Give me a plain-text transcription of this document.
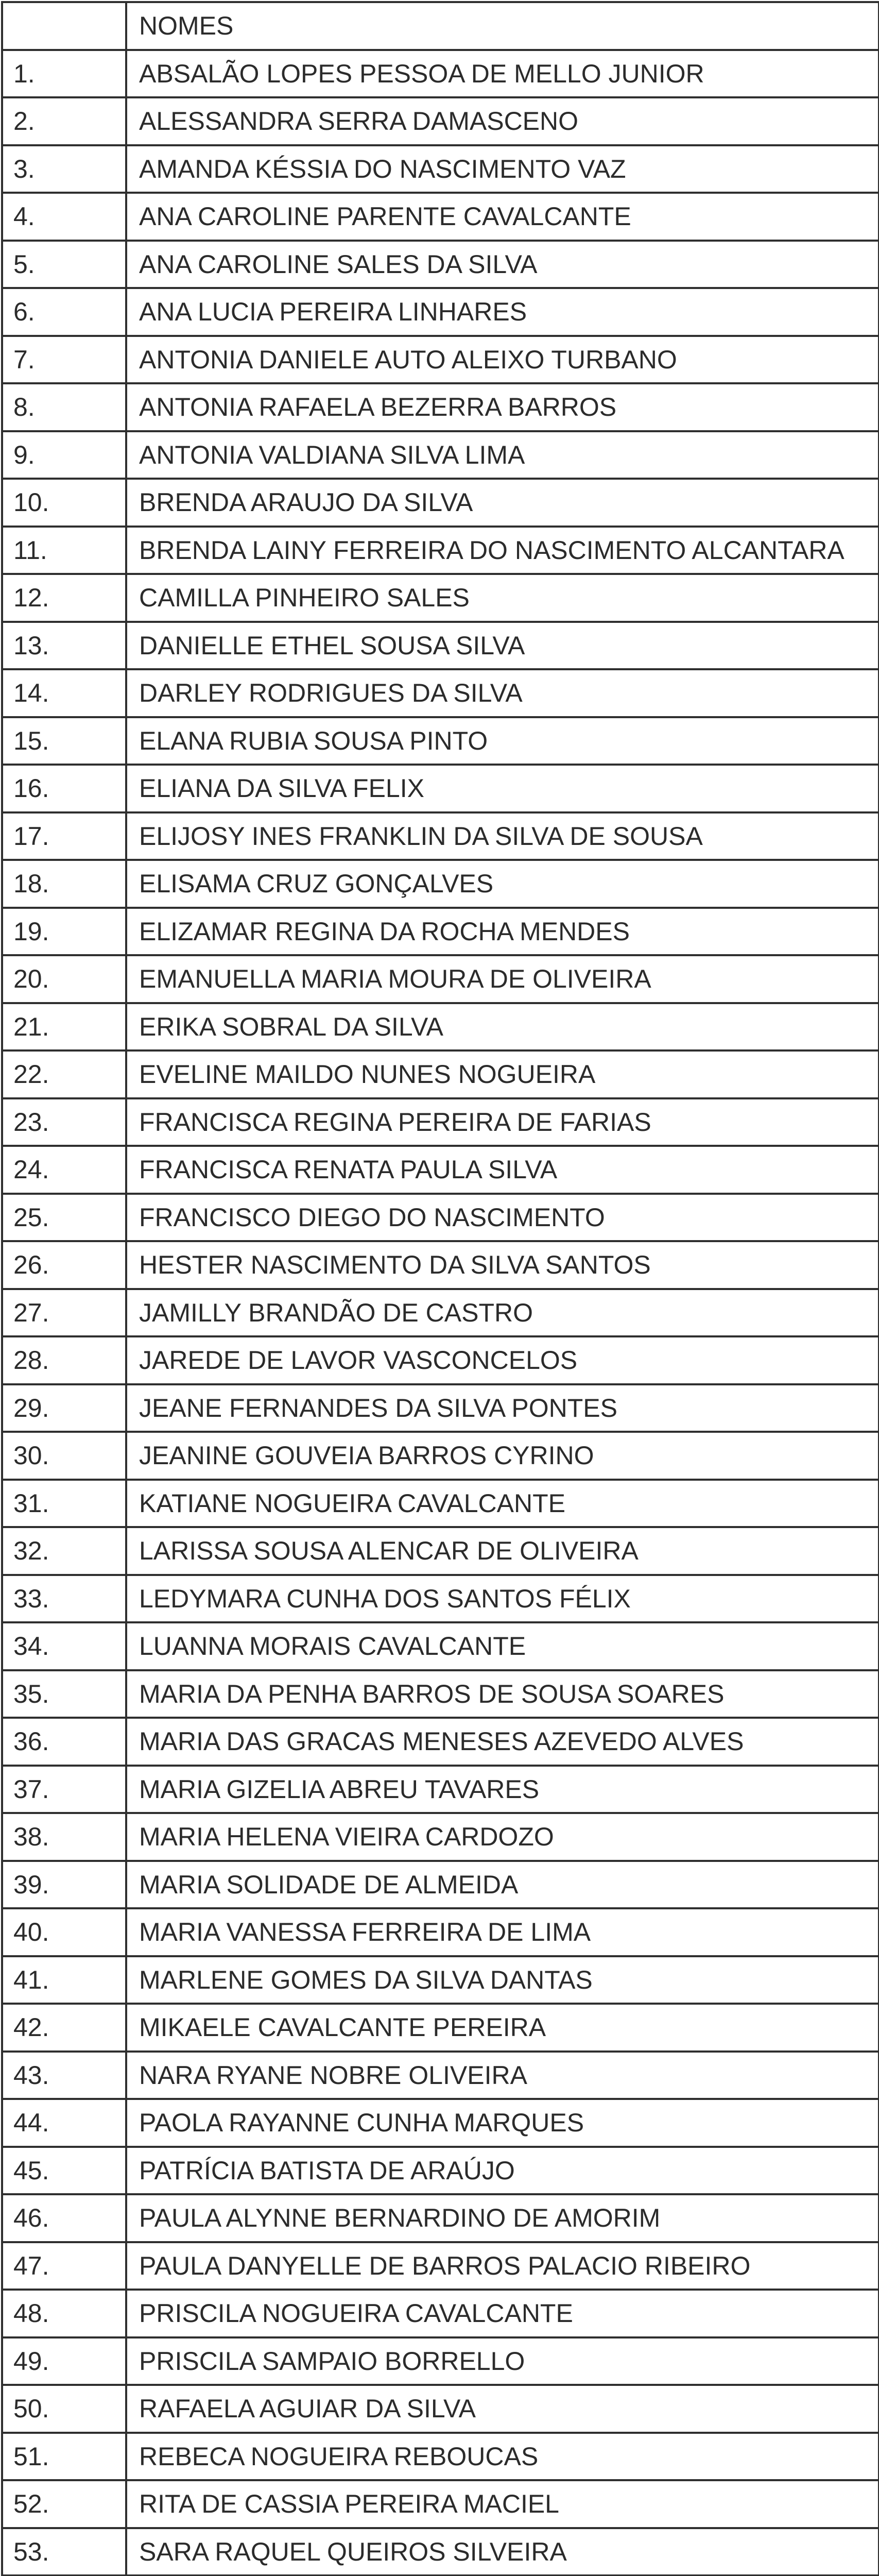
	NOMES
1.	ABSALÃO LOPES PESSOA DE MELLO JUNIOR
2.	ALESSANDRA SERRA DAMASCENO
3.	AMANDA KÉSSIA DO NASCIMENTO VAZ
4.	ANA CAROLINE PARENTE CAVALCANTE
5.	ANA CAROLINE SALES DA SILVA
6.	ANA LUCIA PEREIRA LINHARES
7.	ANTONIA DANIELE AUTO ALEIXO TURBANO
8.	ANTONIA RAFAELA BEZERRA BARROS
9.	ANTONIA VALDIANA SILVA LIMA
10.	BRENDA ARAUJO DA SILVA
11.	BRENDA LAINY FERREIRA DO NASCIMENTO ALCANTARA
12.	CAMILLA PINHEIRO SALES
13.	DANIELLE ETHEL SOUSA SILVA
14.	DARLEY RODRIGUES DA SILVA
15.	ELANA RUBIA SOUSA PINTO
16.	ELIANA DA SILVA FELIX
17.	ELIJOSY INES FRANKLIN DA SILVA DE SOUSA
18.	ELISAMA CRUZ GONÇALVES
19.	ELIZAMAR REGINA DA ROCHA MENDES
20.	EMANUELLA MARIA MOURA DE OLIVEIRA
21.	ERIKA SOBRAL DA SILVA
22.	EVELINE MAILDO NUNES NOGUEIRA
23.	FRANCISCA REGINA PEREIRA DE FARIAS
24.	FRANCISCA RENATA PAULA SILVA
25.	FRANCISCO DIEGO DO NASCIMENTO
26.	HESTER NASCIMENTO DA SILVA SANTOS
27.	JAMILLY BRANDÃO DE CASTRO
28.	JAREDE DE LAVOR VASCONCELOS
29.	JEANE FERNANDES DA SILVA PONTES
30.	JEANINE GOUVEIA BARROS CYRINO
31.	KATIANE NOGUEIRA CAVALCANTE
32.	LARISSA SOUSA ALENCAR DE OLIVEIRA
33.	LEDYMARA CUNHA DOS SANTOS FÉLIX
34.	LUANNA MORAIS CAVALCANTE
35.	MARIA DA PENHA BARROS DE SOUSA SOARES
36.	MARIA DAS GRACAS MENESES AZEVEDO ALVES
37.	MARIA GIZELIA ABREU TAVARES
38.	MARIA HELENA VIEIRA CARDOZO
39.	MARIA SOLIDADE DE ALMEIDA
40.	MARIA VANESSA FERREIRA DE LIMA
41.	MARLENE GOMES DA SILVA DANTAS
42.	MIKAELE CAVALCANTE PEREIRA
43.	NARA RYANE NOBRE OLIVEIRA
44.	PAOLA RAYANNE CUNHA MARQUES
45.	PATRÍCIA BATISTA DE ARAÚJO
46.	PAULA ALYNNE BERNARDINO DE AMORIM
47.	PAULA DANYELLE DE BARROS PALACIO RIBEIRO
48.	PRISCILA NOGUEIRA CAVALCANTE
49.	PRISCILA SAMPAIO BORRELLO
50.	RAFAELA AGUIAR DA SILVA
51.	REBECA NOGUEIRA REBOUCAS
52.	RITA DE CASSIA PEREIRA MACIEL
53.	SARA RAQUEL QUEIROS SILVEIRA
